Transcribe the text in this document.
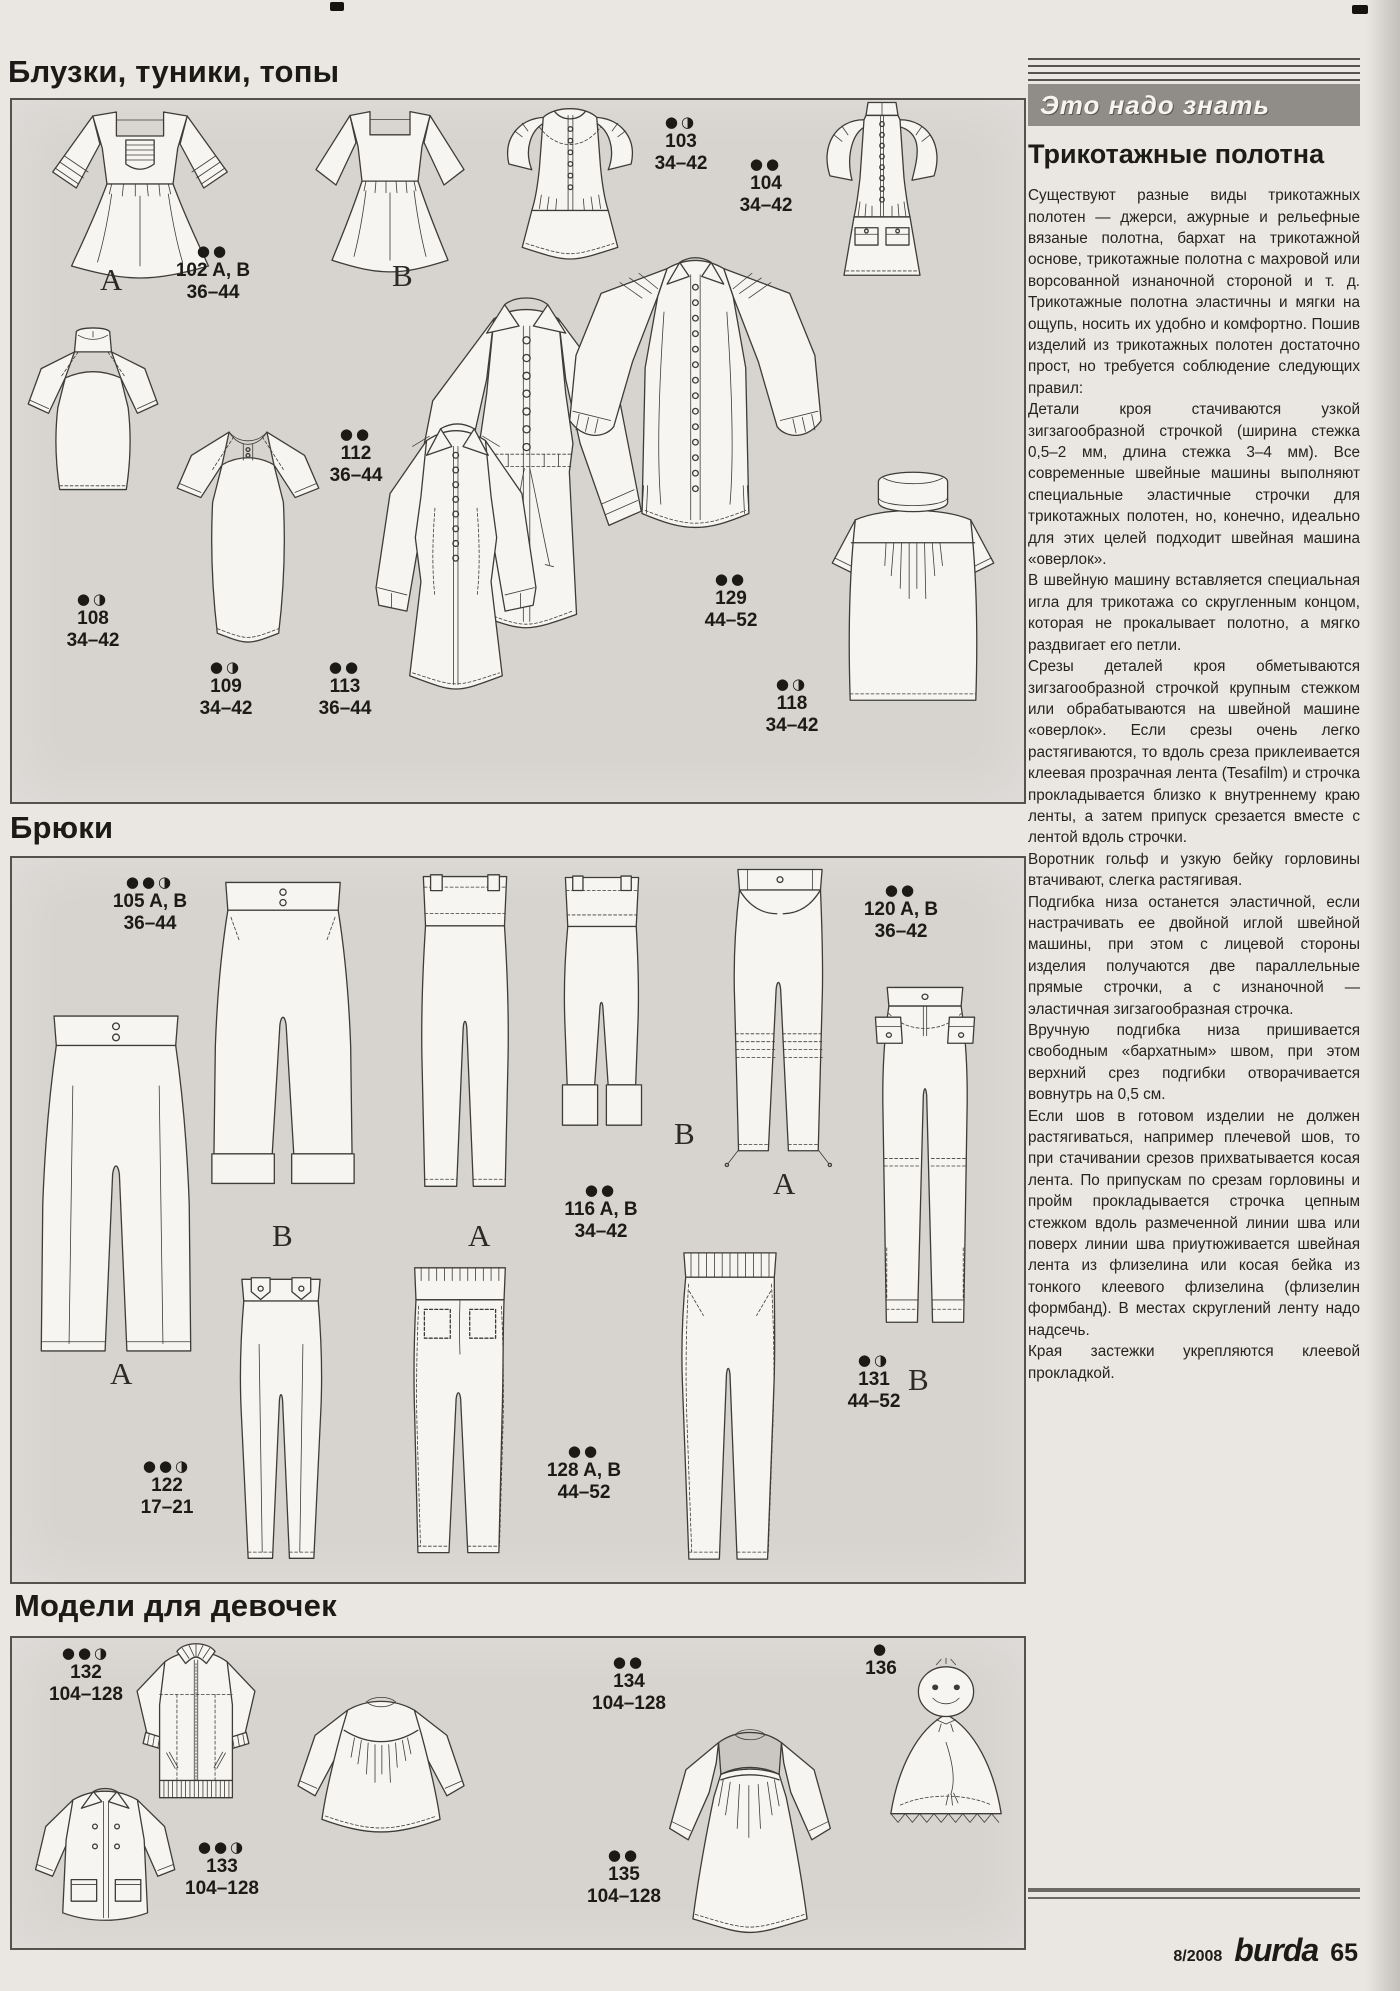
Блузки, туники, топы
Брюки
Модели для девочек
●●
102 A, B
36–44
●◑
103
34–42	●●
104
34–42
●●
112
36–44
●◑
108
34–42
●◑
109
34–42
●●
113
36–44
●●
129
44–52
●◑
118
34–42
●●◑
105 A, B
36–44
●●
120 A, B
36–42
●●
116 A, B
34–42
●●◑
122
17–21
●●
128 A, B
44–52
●◑
131
44–52
●●◑
132
104–128
●●◑
133
104–128
●●
134
104–128
●●
135
104–128
●
136
A	B
B
A
A
B
A
B
Это надо знать
Трикотажные полотна

Существуют разные виды трикотажных полотен — джерси, ажурные и рельефные вязаные полотна, бархат на трикотажной основе, трикотажные полотна с махровой или ворсованной изнаночной стороной и т. д. Трикотажные полотна эластичны и мягки на ощупь, носить их удобно и комфортно. Пошив изделий из трикотажных полотен достаточно прост, но требуется соблюдение следующих правил:

Детали кроя стачиваются узкой зигзагообразной строчкой (ширина стежка 0,5–2 мм, длина стежка 3–4 мм). Все современные швейные машины выполняют специальные эластичные строчки для трикотажных полотен, но, конечно, идеально для этих целей подходит швейная машина «оверлок».

В швейную машину вставляется специальная игла для трикотажа со скругленным концом, которая не прокалывает полотно, а мягко раздвигает его петли.

Срезы деталей кроя обметываются зигзагообразной строчкой крупным стежком или обрабатываются на швейной машине «оверлок». Если срезы очень легко растягиваются, то вдоль среза приклеивается клеевая прозрачная лента (Tesafilm) и строчка прокладывается близко к внутреннему краю ленты, а затем припуск срезается вместе с лентой вдоль строчки.

Воротник гольф и узкую бейку горловины втачивают, слегка растягивая.

Подгибка низа останется эластичной, если настрачивать ее двойной иглой швейной машины, при этом с лицевой стороны изделия получаются две параллельные прямые строчки, а с изнаночной — эластичная зигзагообразная строчка.

Вручную подгибка низа пришивается свободным «бархатным» швом, при этом верхний срез подгибки отворачивается вовнутрь на 0,5 см.

Если шов в готовом изделии не должен растягиваться, например плечевой шов, то при стачивании срезов прихватывается косая лента. По припускам по срезам горловины и пройм прокладывается строчка цепным стежком вдоль размеченной линии шва или поверх линии шва приутюживается швейная лента из флизелина или косая бейка из тонкого клеевого флизелина (флизелин формбанд). В местах скруглений ленту надо надсечь.

Края застежки укрепляются клеевой прокладкой.

8/2008 burda 65
